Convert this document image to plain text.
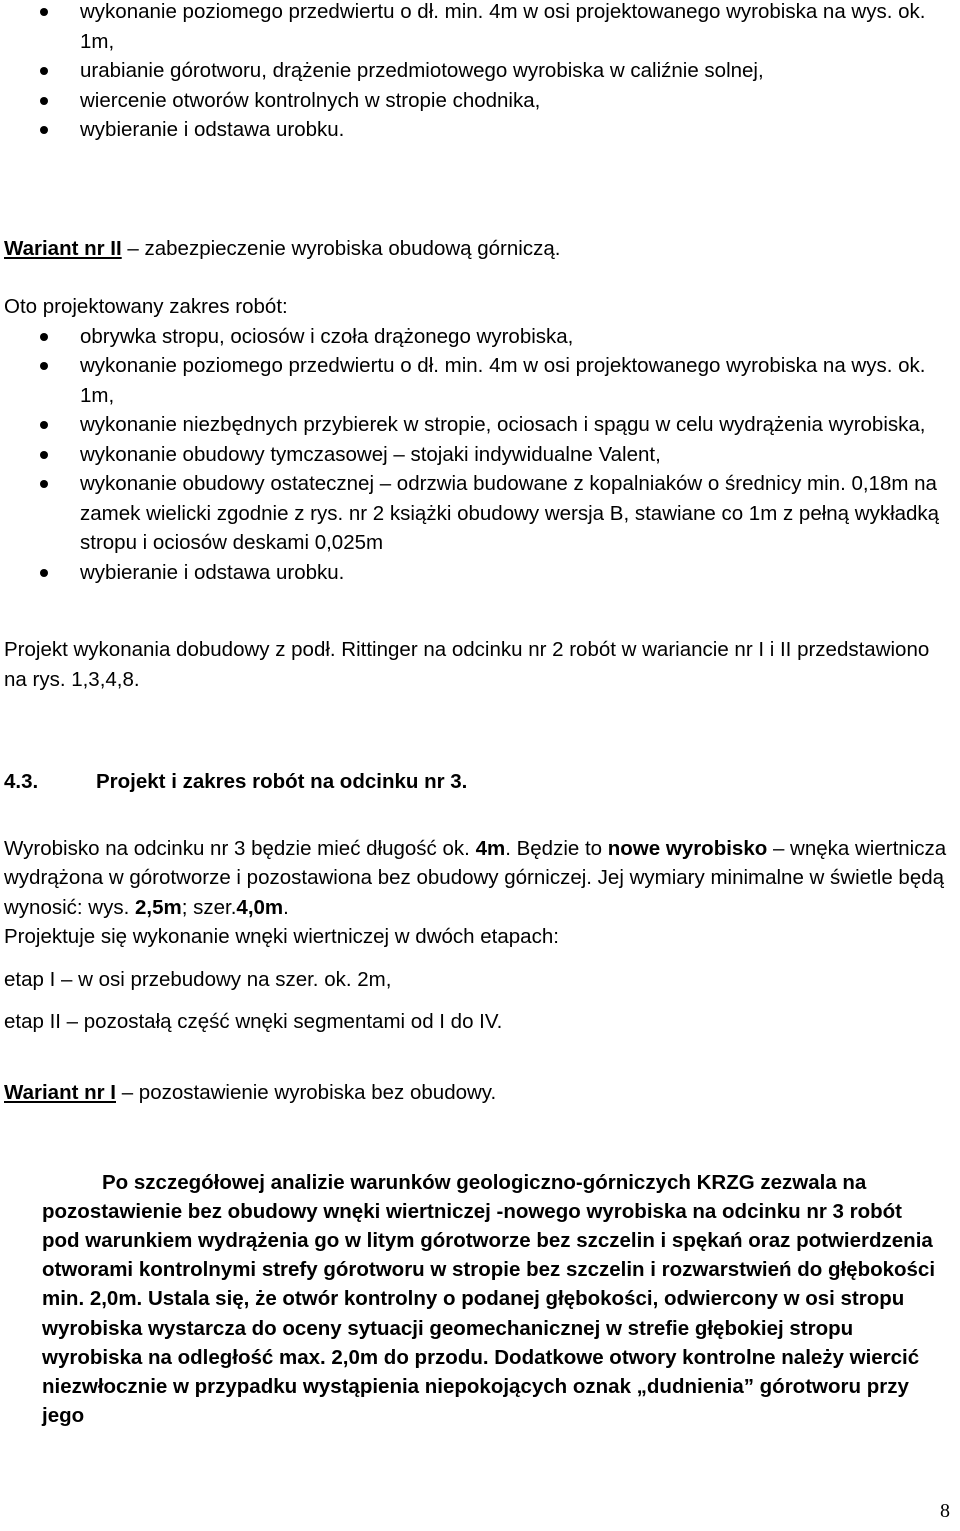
wykonanie poziomego przedwiertu o dł. min. 4m w osi projektowanego wyrobiska na wys. ok. 1m,
urabianie górotworu, drążenie przedmiotowego wyrobiska w caliźnie solnej,
wiercenie otworów kontrolnych w stropie chodnika,
wybieranie i odstawa urobku.

Wariant nr II – zabezpieczenie wyrobiska obudową górniczą.

Oto projektowany zakres robót:

obrywka stropu, ociosów i czoła drążonego wyrobiska,
wykonanie poziomego przedwiertu o dł. min. 4m w osi projektowanego wyrobiska na wys. ok. 1m,
wykonanie niezbędnych przybierek w stropie, ociosach i spągu w celu wydrążenia wyrobiska,
wykonanie obudowy tymczasowej – stojaki indywidualne Valent,
wykonanie obudowy ostatecznej – odrzwia budowane z kopalniaków o średnicy min. 0,18m na zamek wielicki zgodnie z rys. nr 2 książki obudowy wersja B, stawiane co 1m z pełną wykładką stropu i ociosów deskami 0,025m
wybieranie i odstawa urobku.

Projekt wykonania dobudowy z podł. Rittinger na odcinku nr 2 robót w wariancie nr I i II przedstawiono na rys. 1,3,4,8.

4.3.	Projekt i zakres robót na odcinku nr 3.

Wyrobisko na odcinku nr 3 będzie mieć długość ok. 4m. Będzie to nowe wyrobisko – wnęka wiertnicza wydrążona w górotworze i pozostawiona bez obudowy górniczej. Jej wymiary minimalne w świetle będą wynosić: wys. 2,5m; szer.4,0m.

Projektuje się wykonanie wnęki wiertniczej w dwóch etapach:

etap I – w osi przebudowy na szer. ok. 2m,

etap II – pozostałą część wnęki segmentami od I do IV.

Wariant nr I – pozostawienie wyrobiska bez obudowy.

Po szczegółowej analizie warunków geologiczno-górniczych KRZG zezwala na pozostawienie bez obudowy wnęki wiertniczej -nowego wyrobiska na odcinku nr 3 robót pod warunkiem wydrążenia go w litym górotworze bez szczelin i spękań oraz potwierdzenia otworami kontrolnymi strefy górotworu w stropie bez szczelin i rozwarstwień do głębokości min. 2,0m. Ustala się, że otwór kontrolny o podanej głębokości, odwiercony w osi stropu wyrobiska wystarcza do oceny sytuacji geomechanicznej w strefie głębokiej stropu wyrobiska na odległość max. 2,0m do przodu. Dodatkowe otwory kontrolne należy wiercić niezwłocznie w przypadku wystąpienia niepokojących oznak „dudnienia” górotworu przy jego

8
